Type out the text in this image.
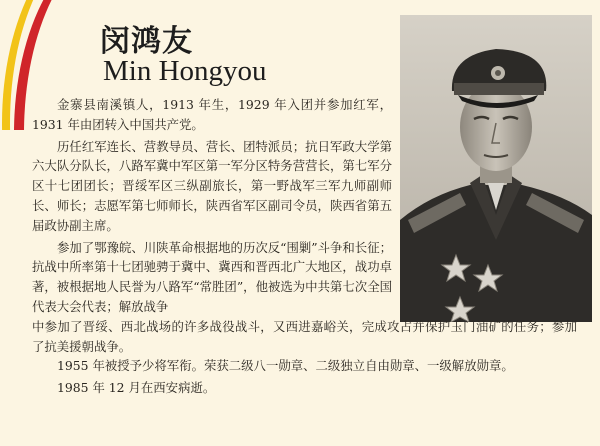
闵鸿友
Min Hongyou

金寨县南溪镇人，1913 年生，1929 年入团并参加红军，1931 年由团转入中国共产党。

历任红军连长、营教导员、营长、团特派员；抗日军政大学第六大队分队长，八路军冀中军区第一军分区特务营营长，第七军分区十七团团长；晋绥军区三纵副旅长，第一野战军三军九师副师长、师长；志愿军第七师师长，陕西省军区副司令员，陕西省第五届政协副主席。

参加了鄂豫皖、川陕革命根据地的历次反“围剿”斗争和长征；抗战中所率第十七团驰骋于冀中、冀西和晋西北广大地区，战功卓著，被根据地人民誉为八路军“常胜团”，他被选为中共第七次全国代表大会代表；解放战争
中参加了晋绥、西北战场的许多战役战斗，又西进嘉峪关，完成攻占并保护玉门油矿的任务；参加了抗美援朝战争。

1955 年被授予少将军衔。荣获二级八一勋章、二级独立自由勋章、一级解放勋章。

1985 年 12 月在西安病逝。
